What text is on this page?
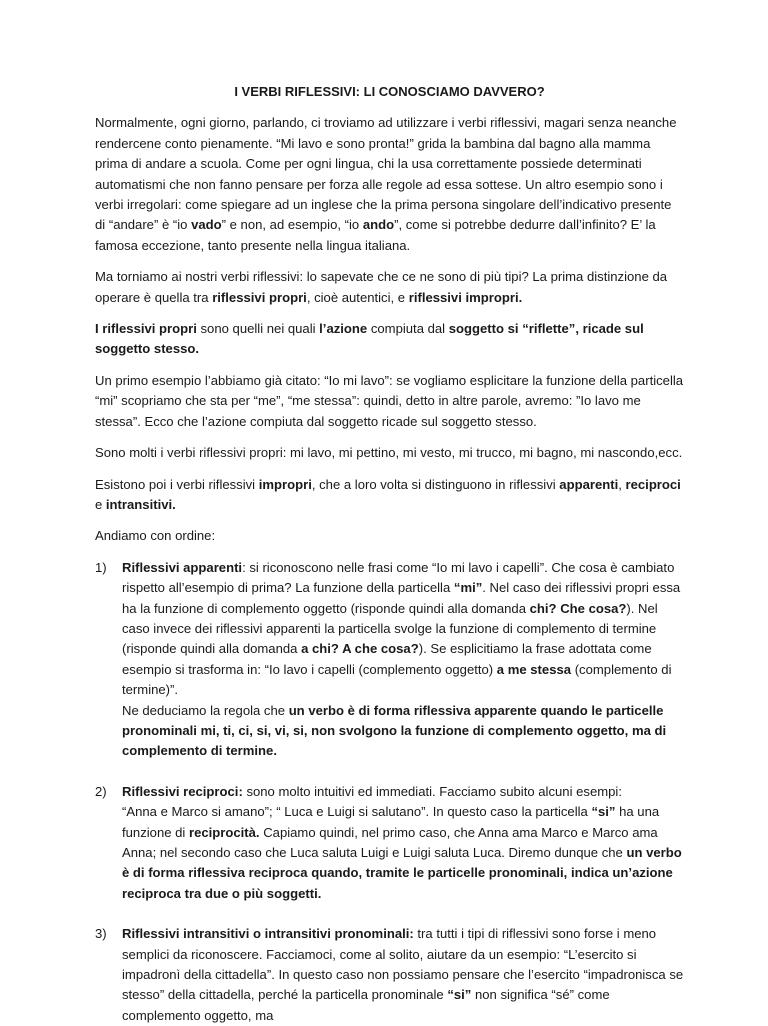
I VERBI RIFLESSIVI: LI CONOSCIAMO DAVVERO?

Normalmente, ogni giorno, parlando, ci troviamo ad utilizzare i verbi riflessivi, magari senza neanche rendercene conto pienamente. “Mi lavo e sono pronta!” grida la bambina dal bagno alla mamma prima di andare a scuola. Come per ogni lingua, chi la usa correttamente possiede determinati automatismi che non fanno pensare per forza alle regole ad essa sottese. Un altro esempio sono i verbi irregolari: come spiegare ad un inglese che la prima persona singolare dell’indicativo presente di “andare” è “io vado” e non, ad esempio, “io ando”, come si potrebbe dedurre dall’infinito? E’ la famosa eccezione, tanto presente nella lingua italiana.

Ma torniamo ai nostri verbi riflessivi: lo sapevate che ce ne sono di più tipi? La prima distinzione da operare è quella tra riflessivi propri, cioè autentici, e riflessivi impropri.

I riflessivi propri sono quelli nei quali l’azione compiuta dal soggetto si “riflette”, ricade sul soggetto stesso.

Un primo esempio l’abbiamo già citato: “Io mi lavo”: se vogliamo esplicitare la funzione della particella “mi” scopriamo che sta per “me”, “me stessa”: quindi, detto in altre parole, avremo: ”Io lavo me stessa”. Ecco che l’azione compiuta dal soggetto ricade sul soggetto stesso.

Sono molti i verbi riflessivi propri: mi lavo, mi pettino, mi vesto, mi trucco, mi bagno, mi nascondo,ecc.

Esistono poi i verbi riflessivi impropri, che a loro volta si distinguono in riflessivi apparenti, reciproci e intransitivi.

Andiamo con ordine:

1) Riflessivi apparenti: si riconoscono nelle frasi come “Io mi lavo i capelli”. Che cosa è cambiato rispetto all’esempio di prima? La funzione della particella “mi”. Nel caso dei riflessivi propri essa ha la funzione di complemento oggetto (risponde quindi alla domanda chi? Che cosa?). Nel caso invece dei riflessivi apparenti la particella svolge la funzione di complemento di termine (risponde quindi alla domanda a chi? A che cosa?). Se esplicitiamo la frase adottata come esempio si trasforma in: “Io lavo i capelli (complemento oggetto) a me stessa (complemento di termine)”.
Ne deduciamo la regola che un verbo è di forma riflessiva apparente quando le particelle pronominali mi, ti, ci, si, vi, si, non svolgono la funzione di complemento oggetto, ma di complemento di termine.
2) Riflessivi reciproci: sono molto intuitivi ed immediati. Facciamo subito alcuni esempi:
“Anna e Marco si amano”; “ Luca e Luigi si salutano”. In questo caso la particella “si” ha una funzione di reciprocità. Capiamo quindi, nel primo caso, che Anna ama Marco e Marco ama Anna; nel secondo caso che Luca saluta Luigi e Luigi saluta Luca. Diremo dunque che un verbo è di forma riflessiva reciproca quando, tramite le particelle pronominali, indica un’azione reciproca tra due o più soggetti.
3) Riflessivi intransitivi o intransitivi pronominali: tra tutti i tipi di riflessivi sono forse i meno semplici da riconoscere. Facciamoci, come al solito, aiutare da un esempio: “L’esercito si impadronì della cittadella”. In questo caso non possiamo pensare che l’esercito “impadronisca se stesso” della cittadella, perché la particella pronominale “si” non significa “sé” come complemento oggetto, ma
